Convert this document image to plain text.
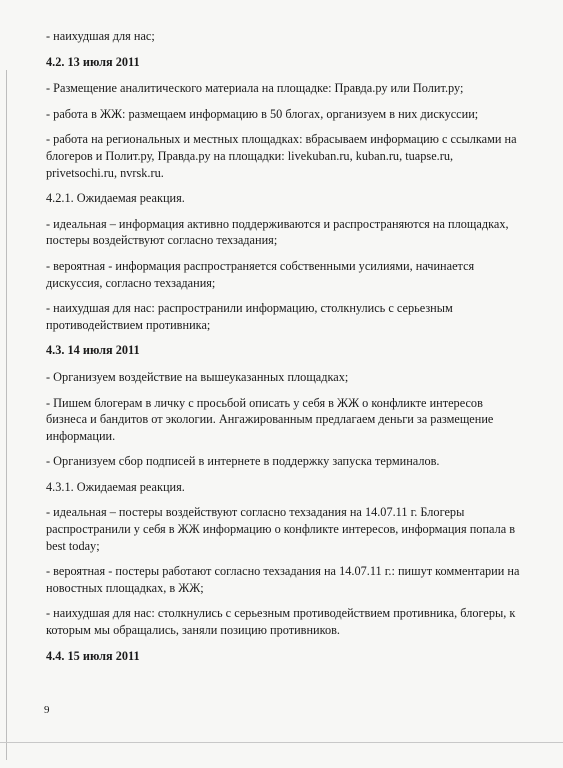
- наихудшая для нас;
4.2. 13 июля 2011
- Размещение аналитического материала на площадке: Правда.ру или Полит.ру;
- работа в ЖЖ: размещаем информацию в 50 блогах, организуем в них дискуссии;
- работа на региональных и местных площадках: вбрасываем информацию с ссылками на блогеров и Полит.ру, Правда.ру на площадки: livekuban.ru, kuban.ru, tuapse.ru, privetsochi.ru, nvrsk.ru.
4.2.1. Ожидаемая реакция.
- идеальная – информация активно поддерживаются и распространяются на площадках, постеры воздействуют согласно техзадания;
- вероятная - информация распространяется собственными усилиями, начинается дискуссия, согласно техзадания;
- наихудшая для нас: распространили информацию, столкнулись с серьезным противодействием противника;
4.3. 14 июля 2011
- Организуем воздействие на вышеуказанных площадках;
- Пишем блогерам в личку с просьбой описать у себя в ЖЖ о конфликте интересов бизнеса и бандитов от экологии. Ангажированным предлагаем деньги за размещение информации.
- Организуем сбор подписей в интернете в поддержку запуска терминалов.
4.3.1. Ожидаемая реакция.
- идеальная – постеры воздействуют согласно техзадания на 14.07.11 г. Блогеры распространили у себя в ЖЖ информацию о конфликте интересов, информация попала в best today;
- вероятная - постеры работают согласно техзадания на 14.07.11 г.: пишут комментарии на новостных площадках, в ЖЖ;
- наихудшая для нас: столкнулись с серьезным противодействием противника, блогеры, к которым мы обращались, заняли позицию противников.
4.4. 15 июля 2011
9
